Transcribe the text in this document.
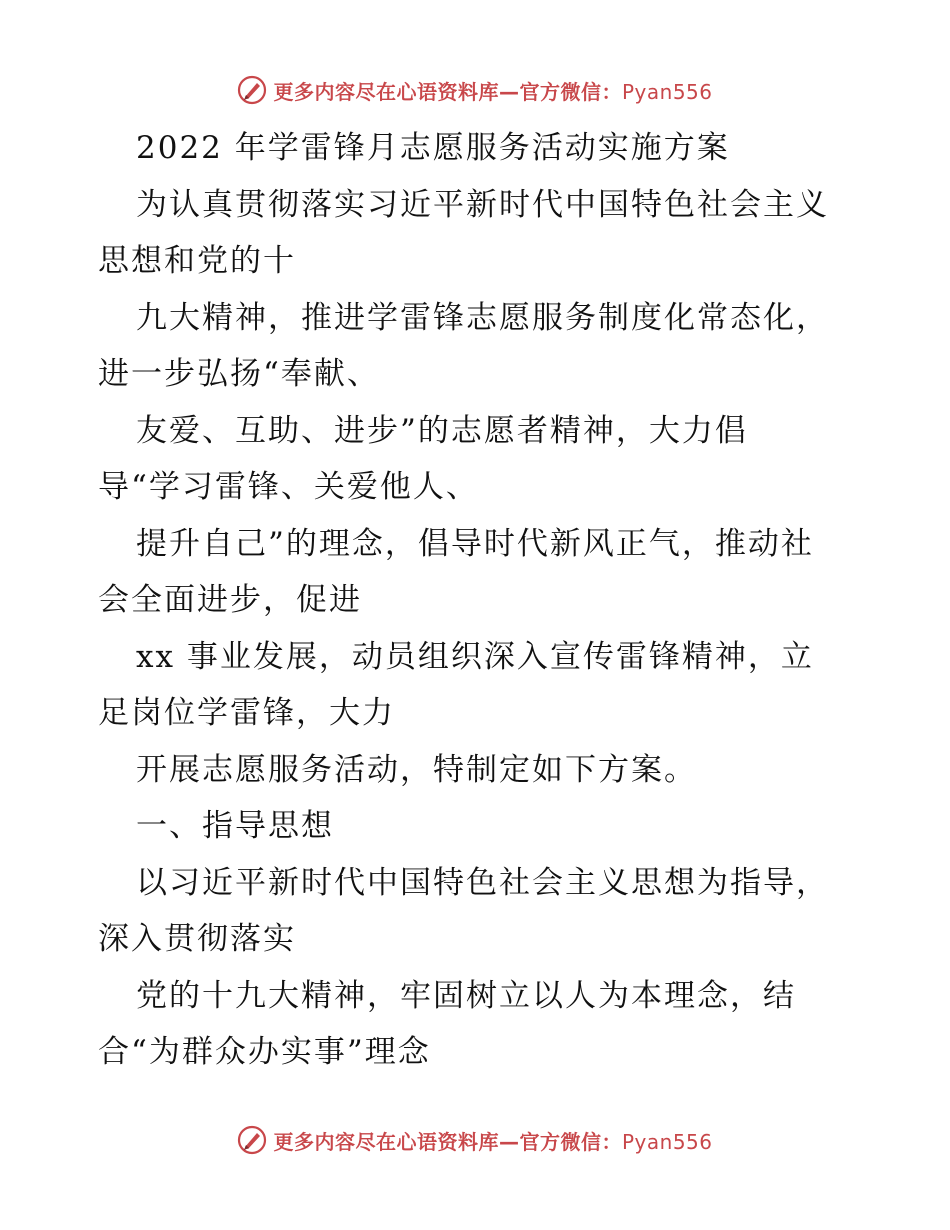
更多内容尽在心语资料库—官方微信：Pyan556
2022 年学雷锋月志愿服务活动实施方案
为认真贯彻落实习近平新时代中国特色社会主义
思想和党的十
九大精神，推进学雷锋志愿服务制度化常态化，
进一步弘扬“奉献、
友爱、互助、进步”的志愿者精神，大力倡
导“学习雷锋、关爱他人、
提升自己”的理念，倡导时代新风正气，推动社
会全面进步，促进
xx 事业发展，动员组织深入宣传雷锋精神，立
足岗位学雷锋，大力
开展志愿服务活动，特制定如下方案。
一、指导思想
以习近平新时代中国特色社会主义思想为指导，
深入贯彻落实
党的十九大精神，牢固树立以人为本理念，结
合“为群众办实事”理念
更多内容尽在心语资料库—官方微信：Pyan556
